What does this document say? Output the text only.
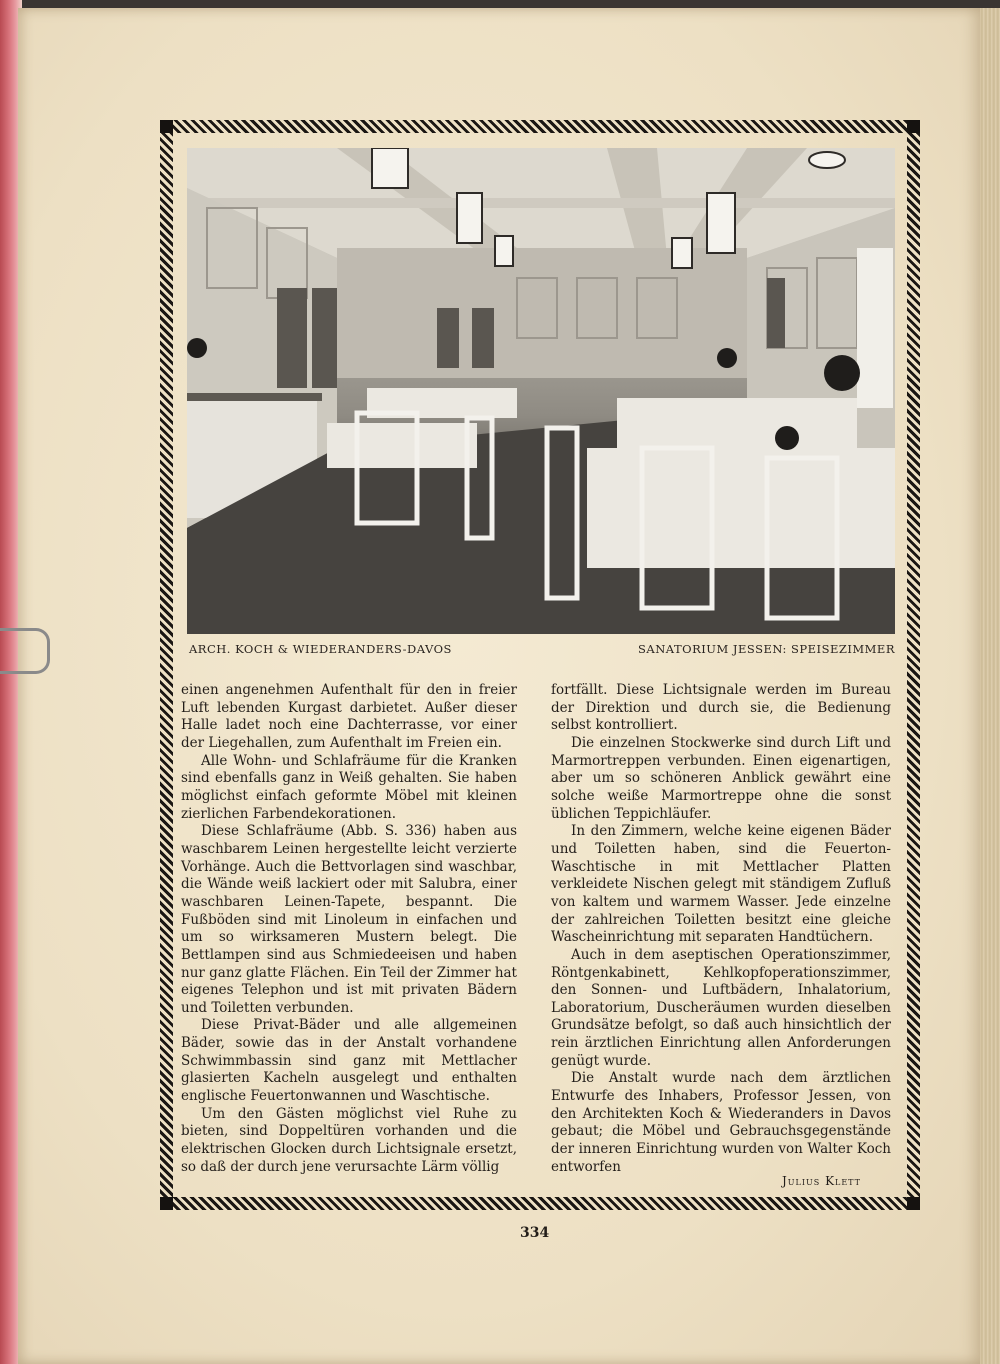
ARCH. KOCH & WIEDERANDERS-DAVOS	SANATORIUM JESSEN: SPEISEZIMMER

einen angenehmen Aufenthalt für den in freier Luft lebenden Kurgast darbietet. Außer dieser Halle ladet noch eine Dachterrasse, vor einer der Liegehallen, zum Aufenthalt im Freien ein.

Alle Wohn- und Schlafräume für die Kranken sind ebenfalls ganz in Weiß gehalten. Sie haben möglichst einfach geformte Möbel mit kleinen zierlichen Farbendekorationen.

Diese Schlafräume (Abb. S. 336) haben aus waschbarem Leinen hergestellte leicht verzierte Vorhänge. Auch die Bettvorlagen sind waschbar, die Wände weiß lackiert oder mit Salubra, einer waschbaren Leinen-Tapete, bespannt. Die Fußböden sind mit Linoleum in einfachen und um so wirksameren Mustern belegt. Die Bettlampen sind aus Schmiedeeisen und haben nur ganz glatte Flächen. Ein Teil der Zimmer hat eigenes Telephon und ist mit privaten Bädern und Toiletten verbunden.

Diese Privat-Bäder und alle allgemeinen Bäder, sowie das in der Anstalt vorhandene Schwimmbassin sind ganz mit Mettlacher glasierten Kacheln ausgelegt und enthalten englische Feuertonwannen und Waschtische.

Um den Gästen möglichst viel Ruhe zu bieten, sind Doppeltüren vorhanden und die elektrischen Glocken durch Lichtsignale ersetzt, so daß der durch jene verursachte Lärm völlig

fortfällt. Diese Lichtsignale werden im Bureau der Direktion und durch sie, die Bedienung selbst kontrolliert.

Die einzelnen Stockwerke sind durch Lift und Marmortreppen verbunden. Einen eigenartigen, aber um so schöneren Anblick gewährt eine solche weiße Marmortreppe ohne die sonst üblichen Teppichläufer.

In den Zimmern, welche keine eigenen Bäder und Toiletten haben, sind die Feuerton-Waschtische in mit Mettlacher Platten verkleidete Nischen gelegt mit ständigem Zufluß von kaltem und warmem Wasser. Jede einzelne der zahlreichen Toiletten besitzt eine gleiche Wascheinrichtung mit separaten Handtüchern.

Auch in dem aseptischen Operationszimmer, Röntgenkabinett, Kehlkopfoperationszimmer, den Sonnen- und Luftbädern, Inhalatorium, Laboratorium, Duscheräumen wurden dieselben Grundsätze befolgt, so daß auch hinsichtlich der rein ärztlichen Einrichtung allen Anforderungen genügt wurde.

Die Anstalt wurde nach dem ärztlichen Entwurfe des Inhabers, Professor Jessen, von den Architekten Koch & Wiederanders in Davos gebaut; die Möbel und Gebrauchsgegenstände der inneren Einrichtung wurden von Walter Koch entworfen

Julius Klett
334
